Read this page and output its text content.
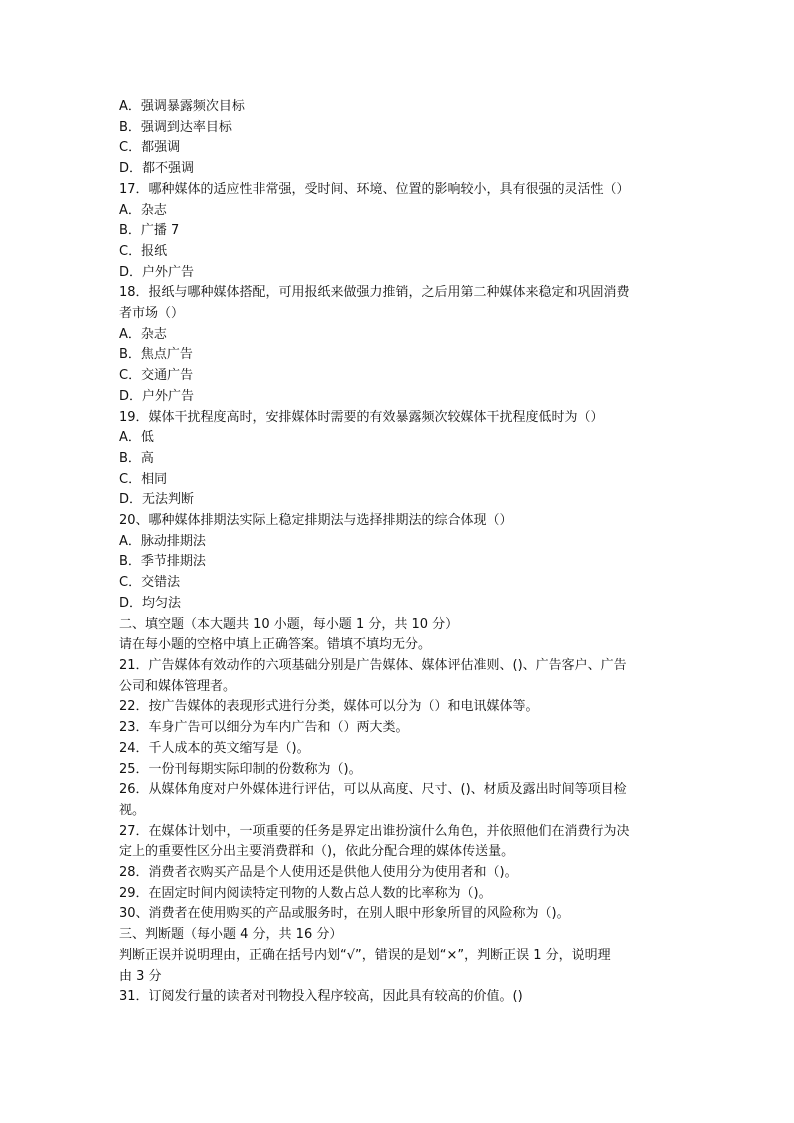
A．强调暴露频次目标
B．强调到达率目标
C．都强调
D．都不强调
17．哪种媒体的适应性非常强，受时间、环境、位置的影响较小，具有很强的灵活性（）
A．杂志
B．广播 7
C．报纸
D．户外广告
18．报纸与哪种媒体搭配，可用报纸来做强力推销，之后用第二种媒体来稳定和巩固消费
者市场（）
A．杂志
B．焦点广告
C．交通广告
D．户外广告
19．媒体干扰程度高时，安排媒体时需要的有效暴露频次较媒体干扰程度低时为（）
A．低
B．高
C．相同
D．无法判断
20、哪种媒体排期法实际上稳定排期法与选择排期法的综合体现（）
A．脉动排期法
B．季节排期法
C．交错法
D．均匀法
二、填空题（本大题共 10 小题，每小题 1 分，共 10 分）
请在每小题的空格中填上正确答案。错填不填均无分。
21．广告媒体有效动作的六项基础分别是广告媒体、媒体评估准则、()、广告客户、广告
公司和媒体管理者。
22．按广告媒体的表现形式进行分类，媒体可以分为（）和电讯媒体等。
23．车身广告可以细分为车内广告和（）两大类。
24．千人成本的英文缩写是（)。
25．一份刊每期实际印制的份数称为（)。
26．从媒体角度对户外媒体进行评估，可以从高度、尺寸、()、材质及露出时间等项目检
视。
27．在媒体计划中，一项重要的任务是界定出谁扮演什么角色，并依照他们在消费行为决
定上的重要性区分出主要消费群和（)，依此分配合理的媒体传送量。
28．消费者衣购买产品是个人使用还是供他人使用分为使用者和（)。
29．在固定时间内阅读特定刊物的人数占总人数的比率称为（)。
30、消费者在使用购买的产品或服务时，在别人眼中形象所冒的风险称为（)。
三、判断题（每小题 4 分，共 16 分）
判断正误并说明理由，正确在括号内划“√”，错误的是划“×”，判断正误 1 分，说明理
由 3 分
31．订阅发行量的读者对刊物投入程序较高，因此具有较高的价值。()
